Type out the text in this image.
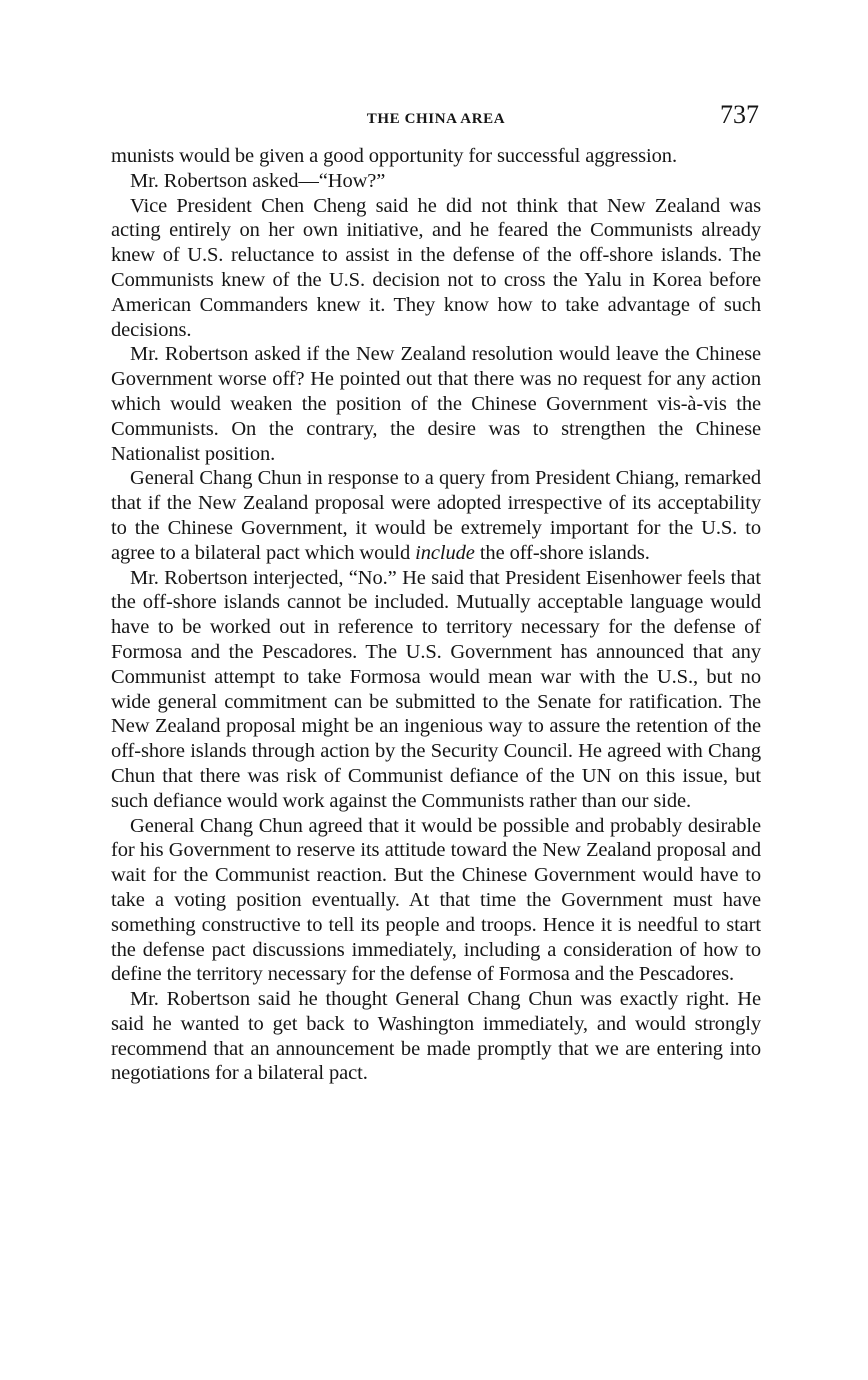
THE CHINA AREA	737

munists would be given a good opportunity for successful aggression.

Mr. Robertson asked—“How?”

Vice President Chen Cheng said he did not think that New Zealand was acting entirely on her own initiative, and he feared the Communists already knew of U.S. reluctance to assist in the defense of the off-shore islands. The Communists knew of the U.S. decision not to cross the Yalu in Korea before American Commanders knew it. They know how to take advantage of such decisions.

Mr. Robertson asked if the New Zealand resolution would leave the Chinese Government worse off? He pointed out that there was no request for any action which would weaken the position of the Chinese Government vis-à-vis the Communists. On the contrary, the desire was to strengthen the Chinese Nationalist position.

General Chang Chun in response to a query from President Chiang, remarked that if the New Zealand proposal were adopted irrespective of its acceptability to the Chinese Government, it would be extremely important for the U.S. to agree to a bilateral pact which would include the off-shore islands.

Mr. Robertson interjected, “No.” He said that President Eisenhower feels that the off-shore islands cannot be included. Mutually acceptable language would have to be worked out in reference to territory necessary for the defense of Formosa and the Pescadores. The U.S. Government has announced that any Communist attempt to take Formosa would mean war with the U.S., but no wide general commitment can be submitted to the Senate for ratification. The New Zealand proposal might be an ingenious way to assure the retention of the off-shore islands through action by the Security Council. He agreed with Chang Chun that there was risk of Communist defiance of the UN on this issue, but such defiance would work against the Communists rather than our side.

General Chang Chun agreed that it would be possible and probably desirable for his Government to reserve its attitude toward the New Zealand proposal and wait for the Communist reaction. But the Chinese Government would have to take a voting position eventually. At that time the Government must have something constructive to tell its people and troops. Hence it is needful to start the defense pact discussions immediately, including a consideration of how to define the territory necessary for the defense of Formosa and the Pescadores.

Mr. Robertson said he thought General Chang Chun was exactly right. He said he wanted to get back to Washington immediately, and would strongly recommend that an announcement be made promptly that we are entering into negotiations for a bilateral pact.
